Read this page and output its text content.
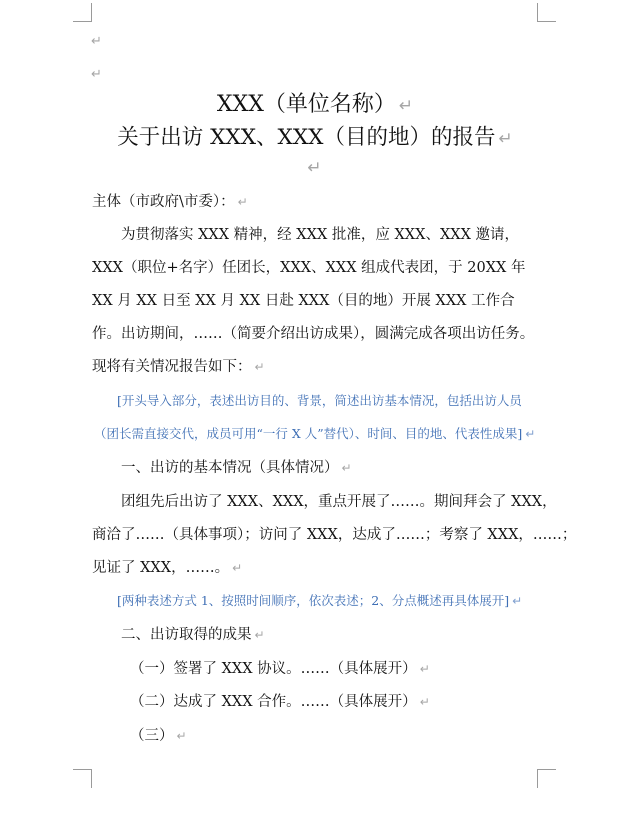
↵
↵
XXX（单位名称） ↵
关于出访 XXX、XXX（目的地）的报告 ↵
↵
主体（市政府\市委）： ↵
为贯彻落实 XXX 精神，经 XXX 批准，应 XXX、XXX 邀请，
XXX（职位+名字）任团长，XXX、XXX 组成代表团，于 20XX 年
XX 月 XX 日至 XX 月 XX 日赴 XXX（目的地）开展 XXX 工作合
作。出访期间，……（简要介绍出访成果），圆满完成各项出访任务。
现将有关情况报告如下： ↵
[开头导入部分，表述出访目的、背景，简述出访基本情况，包括出访人员
（团长需直接交代，成员可用“一行 X 人”替代）、时间、目的地、代表性成果] ↵
一、出访的基本情况（具体情况） ↵
团组先后出访了 XXX、XXX，重点开展了……。期间拜会了 XXX，
商洽了……（具体事项）；访问了 XXX，达成了……；考察了 XXX，……；
见证了 XXX，……。 ↵
[两种表述方式 1、按照时间顺序，依次表述；2、分点概述再具体展开] ↵
二、出访取得的成果 ↵
（一）签署了 XXX 协议。……（具体展开） ↵
（二）达成了 XXX 合作。……（具体展开） ↵
（三） ↵
